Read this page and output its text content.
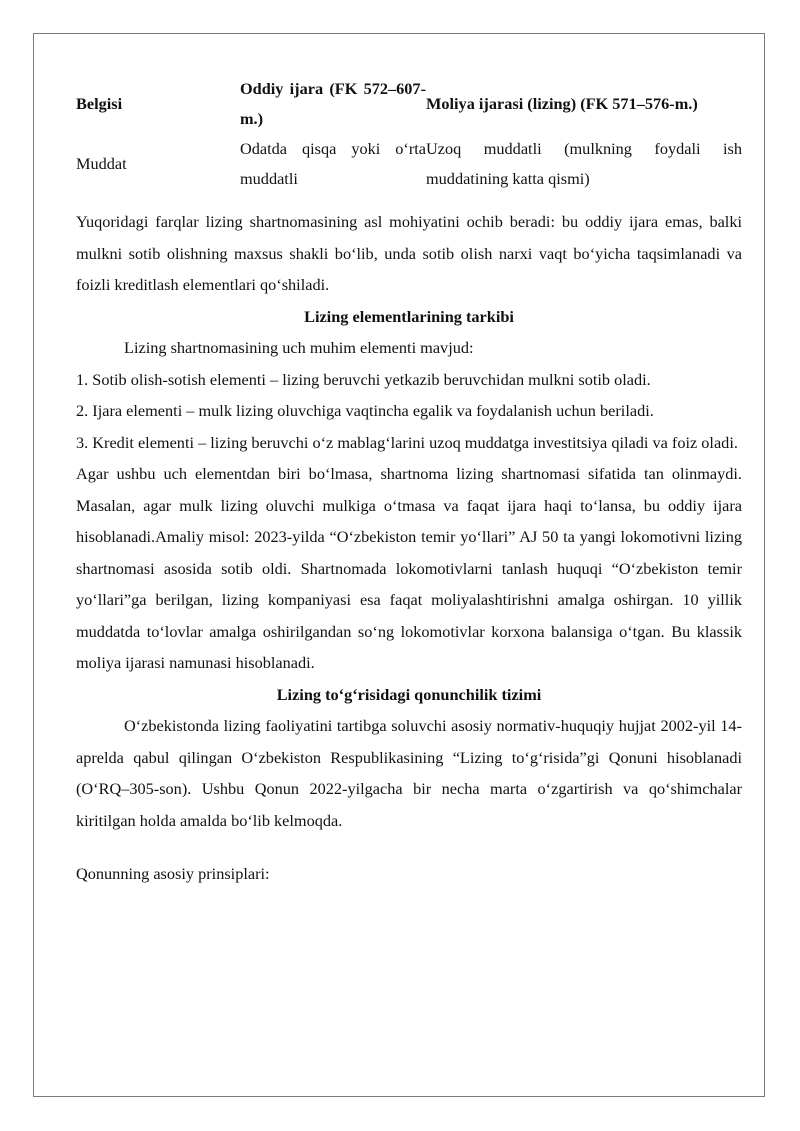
Belgisi	Oddiy ijara (FK 572–607-m.)	Moliya ijarasi (lizing) (FK 571–576-m.)
Muddat	Odatda qisqa yoki o‘rta muddatli	Uzoq muddatli (mulkning foydali ish muddatining katta qismi)

Yuqoridagi farqlar lizing shartnomasining asl mohiyatini ochib beradi: bu oddiy ijara emas, balki mulkni sotib olishning maxsus shakli bo‘lib, unda sotib olish narxi vaqt bo‘yicha taqsimlanadi va foizli kreditlash elementlari qo‘shiladi.

Lizing elementlarining tarkibi

Lizing shartnomasining uch muhim elementi mavjud:

1. Sotib olish-sotish elementi – lizing beruvchi yetkazib beruvchidan mulkni sotib oladi.

2. Ijara elementi – mulk lizing oluvchiga vaqtincha egalik va foydalanish uchun beriladi.

3. Kredit elementi – lizing beruvchi o‘z mablag‘larini uzoq muddatga investitsiya qiladi va foiz oladi.

Agar ushbu uch elementdan biri bo‘lmasa, shartnoma lizing shartnomasi sifatida tan olinmaydi. Masalan, agar mulk lizing oluvchi mulkiga o‘tmasa va faqat ijara haqi to‘lansa, bu oddiy ijara hisoblanadi.Amaliy misol: 2023-yilda “O‘zbekiston temir yo‘llari” AJ 50 ta yangi lokomotivni lizing shartnomasi asosida sotib oldi. Shartnomada lokomotivlarni tanlash huquqi “O‘zbekiston temir yo‘llari”ga berilgan, lizing kompaniyasi esa faqat moliyalashtirishni amalga oshirgan. 10 yillik muddatda to‘lovlar amalga oshirilgandan so‘ng lokomotivlar korxona balansiga o‘tgan. Bu klassik moliya ijarasi namunasi hisoblanadi.

Lizing to‘g‘risidagi qonunchilik tizimi

O‘zbekistonda lizing faoliyatini tartibga soluvchi asosiy normativ-huquqiy hujjat 2002-yil 14-aprelda qabul qilingan O‘zbekiston Respublikasining “Lizing to‘g‘risida”gi Qonuni hisoblanadi (O‘RQ–305-son). Ushbu Qonun 2022-yilgacha bir necha marta o‘zgartirish va qo‘shimchalar kiritilgan holda amalda bo‘lib kelmoqda.

Qonunning asosiy prinsiplari:
